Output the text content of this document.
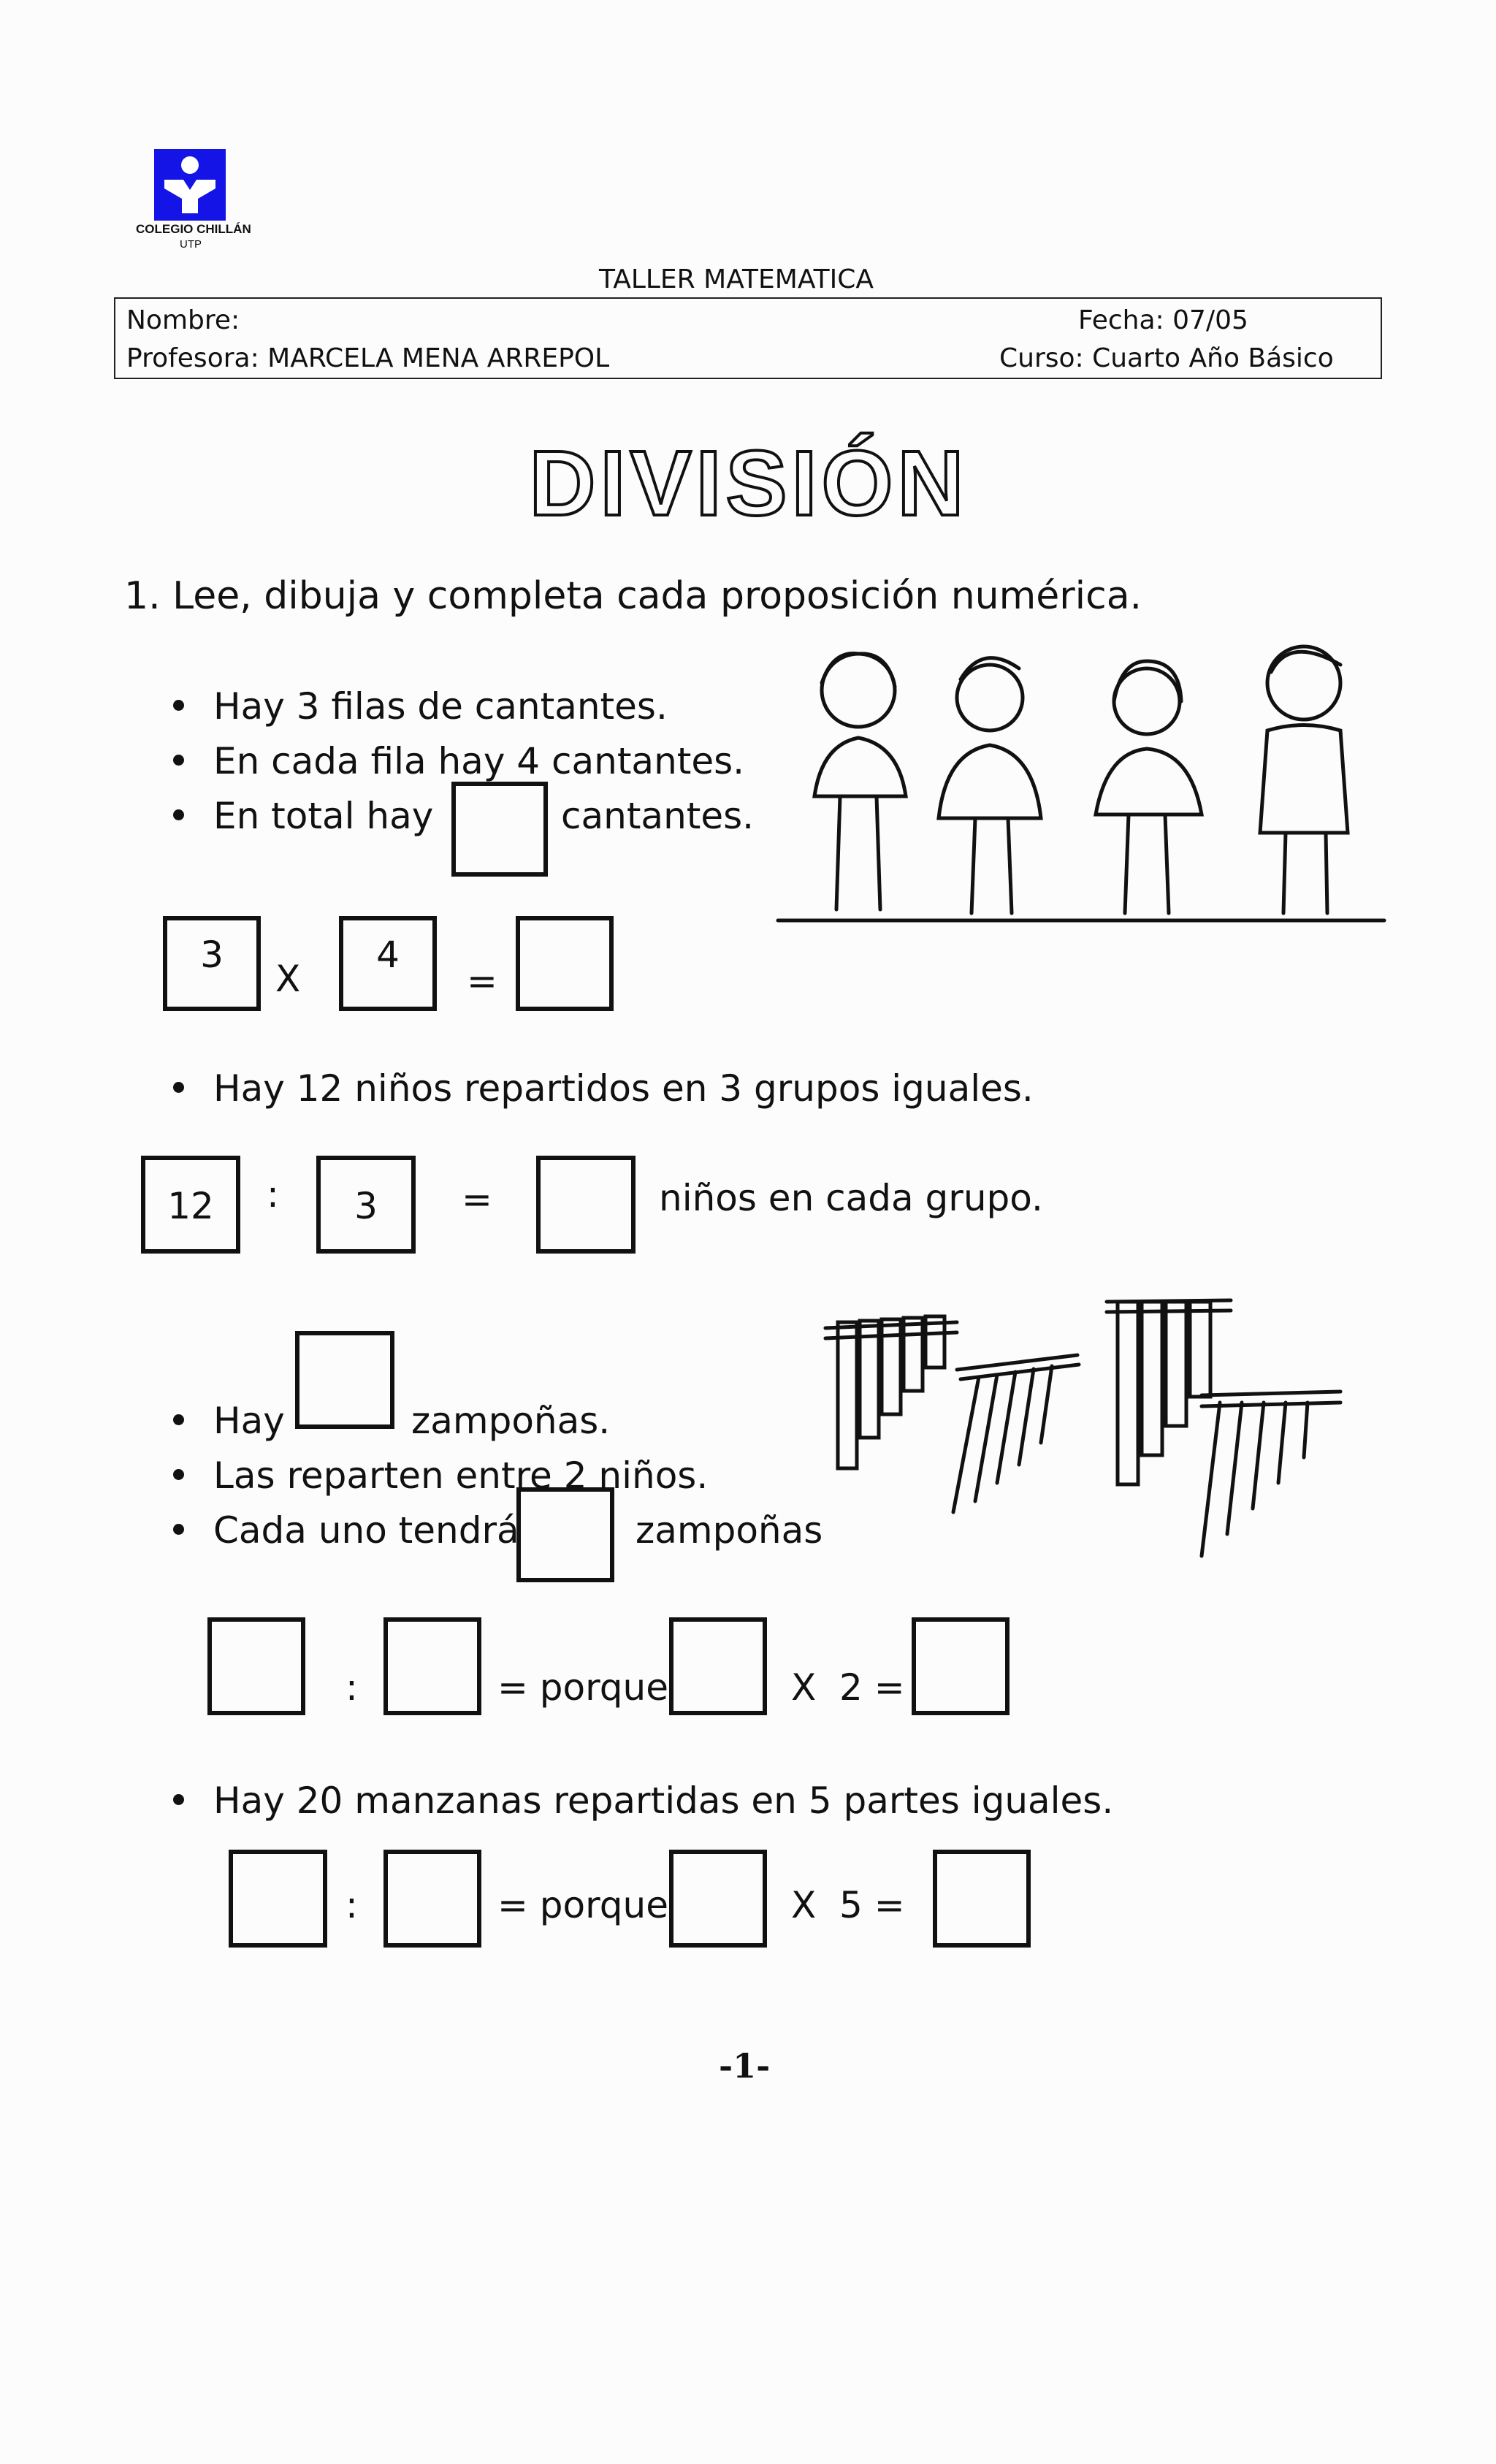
COLEGIO CHILLÁN
UTP
TALLER MATEMATICA
Nombre:	Fecha: 07/05
Profesora: MARCELA MENA ARREPOL	Curso: Cuarto Año Básico
DIVISIÓN
1. Lee, dibuja y completa cada proposición numérica.
Hay 3 filas de cantantes.
En cada fila hay 4 cantantes.
En total hay	cantantes.
3
X
4
=
Hay 12 niños repartidos en 3 grupos iguales.
12	:	3	=	niños en cada grupo.
Hay	zampoñas.
Las reparten entre 2 niños.
Cada uno tendrá	zampoñas
:	= porque	X  2 =
Hay 20 manzanas repartidas en 5 partes iguales.
:	= porque	X  5 =
-1-
